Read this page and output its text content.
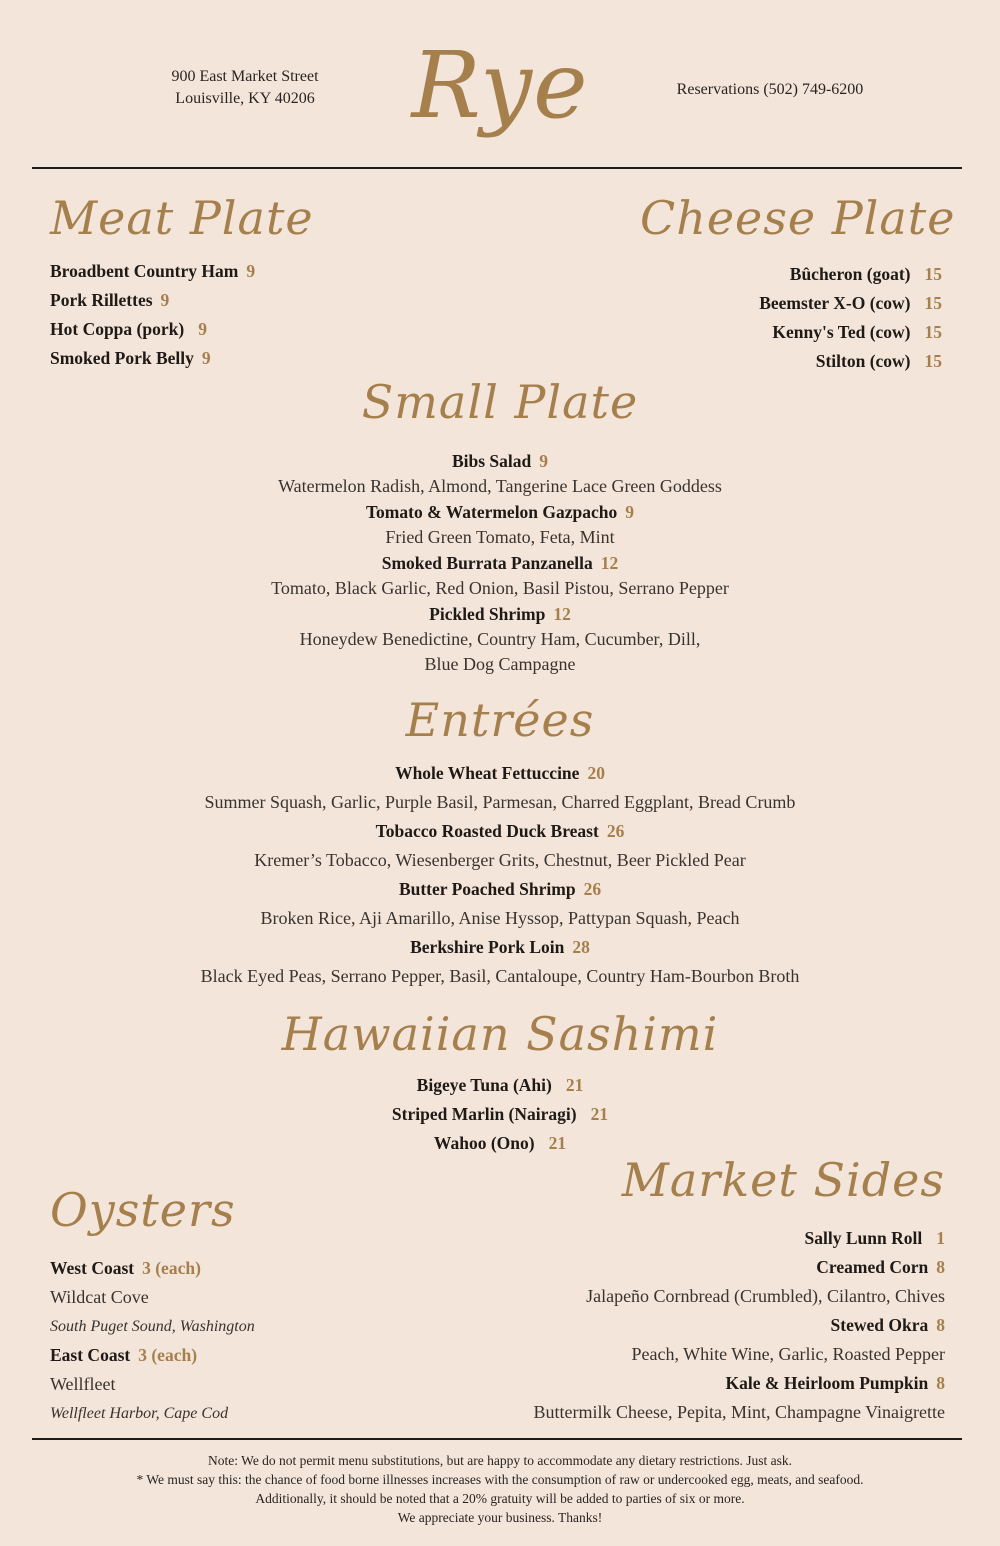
900 East Market Street
Louisville, KY 40206	Rye	Reservations (502) 749-6200
Meat Plate
Broadbent Country Ham 9
Pork Rillettes 9
Hot Coppa (pork) 9
Smoked Pork Belly 9
Cheese Plate
Bûcheron (goat) 15
Beemster X-O (cow) 15
Kenny's Ted (cow) 15
Stilton (cow) 15
Small Plate
Bibs Salad 9
Watermelon Radish, Almond, Tangerine Lace Green Goddess
Tomato & Watermelon Gazpacho 9
Fried Green Tomato, Feta, Mint
Smoked Burrata Panzanella 12
Tomato, Black Garlic, Red Onion, Basil Pistou, Serrano Pepper
Pickled Shrimp 12
Honeydew Benedictine, Country Ham, Cucumber, Dill,
Blue Dog Campagne
Entrées
Whole Wheat Fettuccine 20
Summer Squash, Garlic, Purple Basil, Parmesan, Charred Eggplant, Bread Crumb
Tobacco Roasted Duck Breast 26
Kremer’s Tobacco, Wiesenberger Grits, Chestnut, Beer Pickled Pear
Butter Poached Shrimp 26
Broken Rice, Aji Amarillo, Anise Hyssop, Pattypan Squash, Peach
Berkshire Pork Loin 28
Black Eyed Peas, Serrano Pepper, Basil, Cantaloupe, Country Ham-Bourbon Broth
Hawaiian Sashimi
Bigeye Tuna (Ahi) 21
Striped Marlin (Nairagi) 21
Wahoo (Ono) 21
Oysters
West Coast 3 (each)
Wildcat Cove
South Puget Sound, Washington
East Coast 3 (each)
Wellfleet
Wellfleet Harbor, Cape Cod
Market Sides
Sally Lunn Roll 1
Creamed Corn 8
Jalapeño Cornbread (Crumbled), Cilantro, Chives
Stewed Okra 8
Peach, White Wine, Garlic, Roasted Pepper
Kale & Heirloom Pumpkin 8
Buttermilk Cheese, Pepita, Mint, Champagne Vinaigrette
Note: We do not permit menu substitutions, but are happy to accommodate any dietary restrictions. Just ask.
* We must say this: the chance of food borne illnesses increases with the consumption of raw or undercooked egg, meats, and seafood.
Additionally, it should be noted that a 20% gratuity will be added to parties of six or more.
We appreciate your business. Thanks!
